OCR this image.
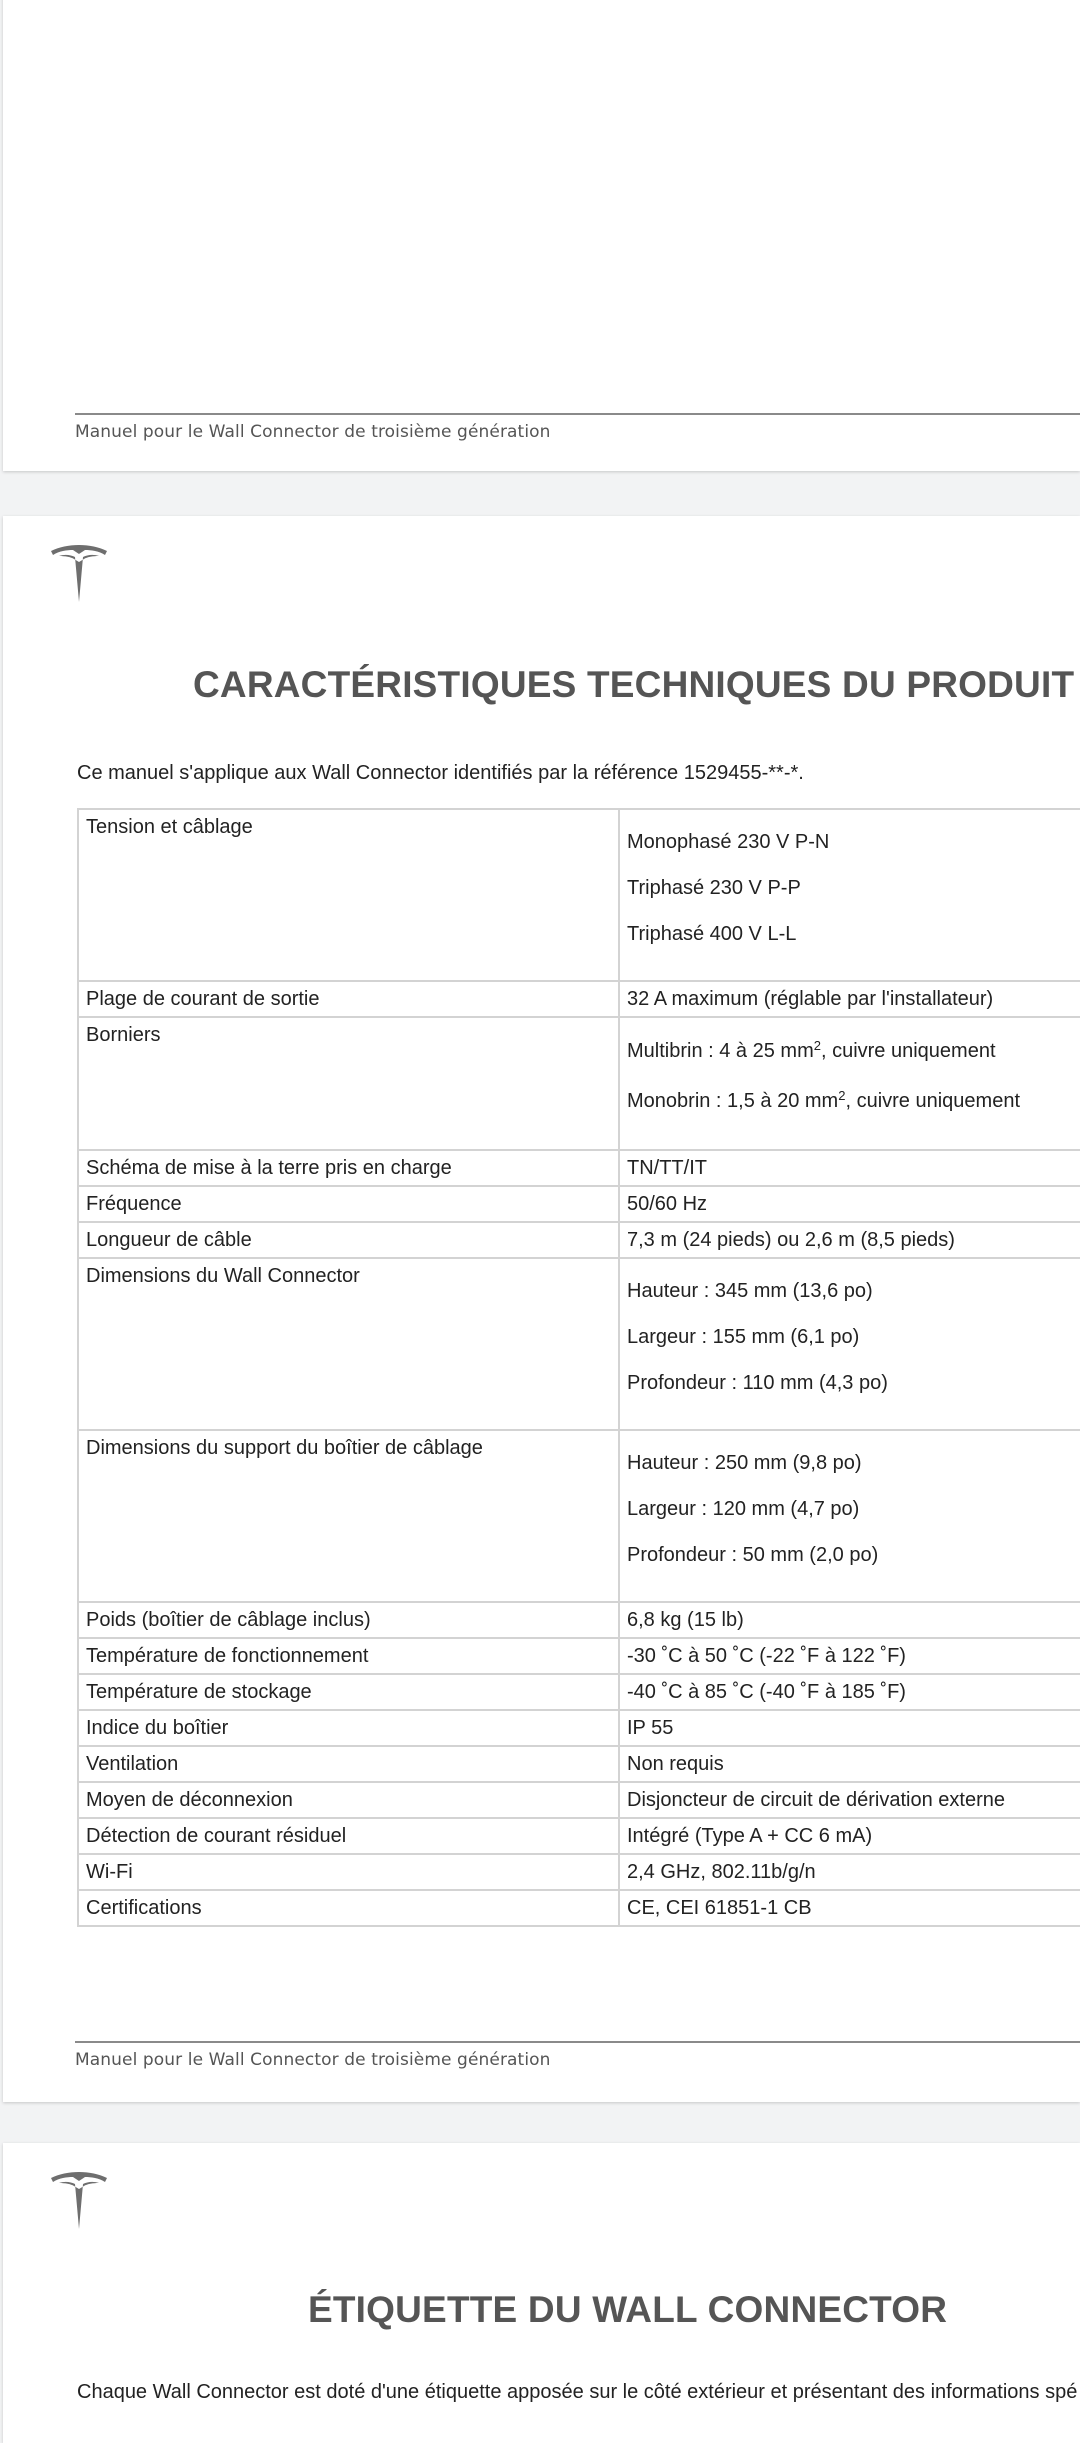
Manuel pour le Wall Connector de troisième génération
CARACTÉRISTIQUES TECHNIQUES DU PRODUIT
Ce manuel s'applique aux Wall Connector identifiés par la référence 1529455-**-*.
Tension et câblage	Monophasé 230 V P-N

Triphasé 230 V P-P

Triphasé 400 V L-L

Plage de courant de sortie	32 A maximum (réglable par l'installateur)
Borniers	Multibrin : 4 à 25 $mm^2$, cuivre uniquement

Monobrin : 1,5 à 20 $mm^2$, cuivre uniquement

Schéma de mise à la terre pris en charge	TN/TT/IT
Fréquence	50/60 Hz
Longueur de câble	7,3 m (24 pieds) ou 2,6 m (8,5 pieds)
Dimensions du Wall Connector	Hauteur : 345 mm (13,6 po)

Largeur : 155 mm (6,1 po)

Profondeur : 110 mm (4,3 po)

Dimensions du support du boîtier de câblage	Hauteur : 250 mm (9,8 po)

Largeur : 120 mm (4,7 po)

Profondeur : 50 mm (2,0 po)

Poids (boîtier de câblage inclus)	6,8 kg (15 lb)
Température de fonctionnement	-30 ˚C à 50 ˚C (-22 ˚F à 122 ˚F)
Température de stockage	-40 ˚C à 85 ˚C (-40 ˚F à 185 ˚F)
Indice du boîtier	IP 55
Ventilation	Non requis
Moyen de déconnexion	Disjoncteur de circuit de dérivation externe
Détection de courant résiduel	Intégré (Type A + CC 6 mA)
Wi-Fi	2,4 GHz, 802.11b/g/n
Certifications	CE, CEI 61851-1 CB
Manuel pour le Wall Connector de troisième génération
ÉTIQUETTE DU WALL CONNECTOR
Chaque Wall Connector est doté d'une étiquette apposée sur le côté extérieur et présentant des informations spé
